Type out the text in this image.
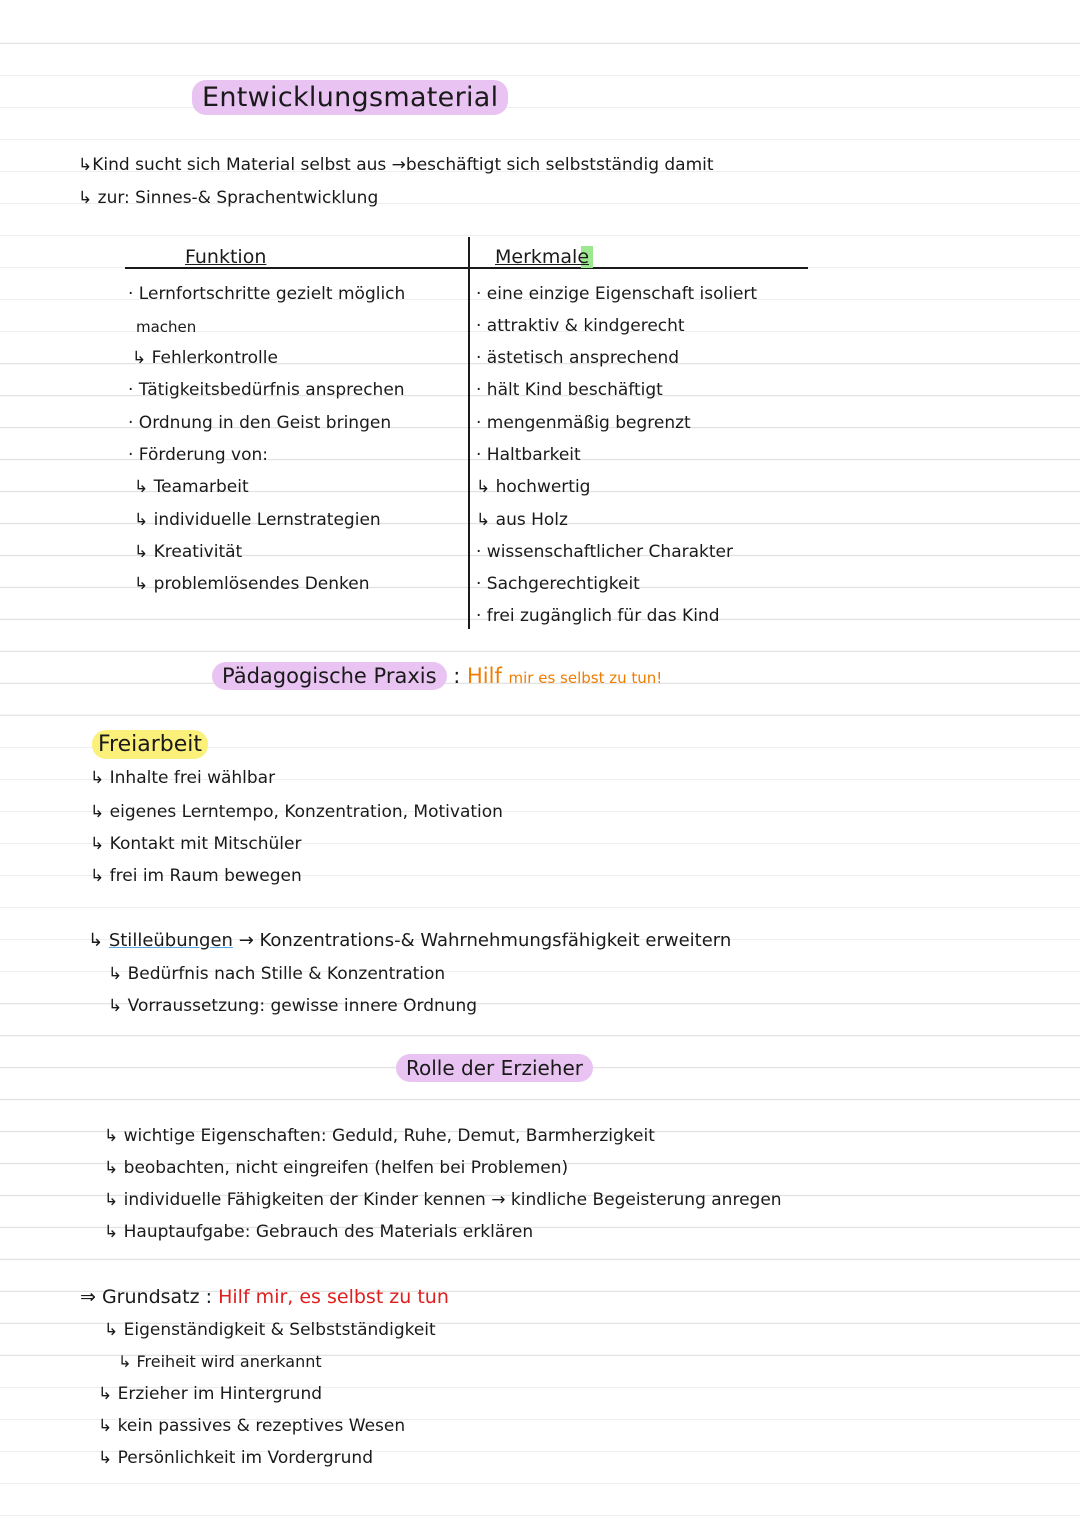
Entwicklungsmaterial
↳Kind sucht sich Material selbst aus →beschäftigt sich selbstständig damit
↳ zur: Sinnes-& Sprachentwicklung
Funktion	Merkmale
· Lernfortschritte gezielt möglich
machen
↳ Fehlerkontrolle
· Tätigkeitsbedürfnis ansprechen
· Ordnung in den Geist bringen
· Förderung von:
↳ Teamarbeit
↳ individuelle Lernstrategien
↳ Kreativität
↳ problemlösendes Denken
· eine einzige Eigenschaft isoliert
· attraktiv & kindgerecht
· ästetisch ansprechend
· hält Kind beschäftigt
· mengenmäßig begrenzt
· Haltbarkeit
↳ hochwertig
↳ aus Holz
· wissenschaftlicher Charakter
· Sachgerechtigkeit
· frei zugänglich für das Kind
Pädagogische Praxis : Hilf mir es selbst zu tun!
Freiarbeit
↳ Inhalte frei wählbar
↳ eigenes Lerntempo, Konzentration, Motivation
↳ Kontakt mit Mitschüler
↳ frei im Raum bewegen
↳ Stilleübungen → Konzentrations-& Wahrnehmungsfähigkeit erweitern
↳ Bedürfnis nach Stille & Konzentration
↳ Vorraussetzung: gewisse innere Ordnung
Rolle der Erzieher
↳ wichtige Eigenschaften: Geduld, Ruhe, Demut, Barmherzigkeit
↳ beobachten, nicht eingreifen (helfen bei Problemen)
↳ individuelle Fähigkeiten der Kinder kennen → kindliche Begeisterung anregen
↳ Hauptaufgabe: Gebrauch des Materials erklären
⇒ Grundsatz : Hilf mir, es selbst zu tun
↳ Eigenständigkeit & Selbstständigkeit
↳ Freiheit wird anerkannt
↳ Erzieher im Hintergrund
↳ kein passives & rezeptives Wesen
↳ Persönlichkeit im Vordergrund
